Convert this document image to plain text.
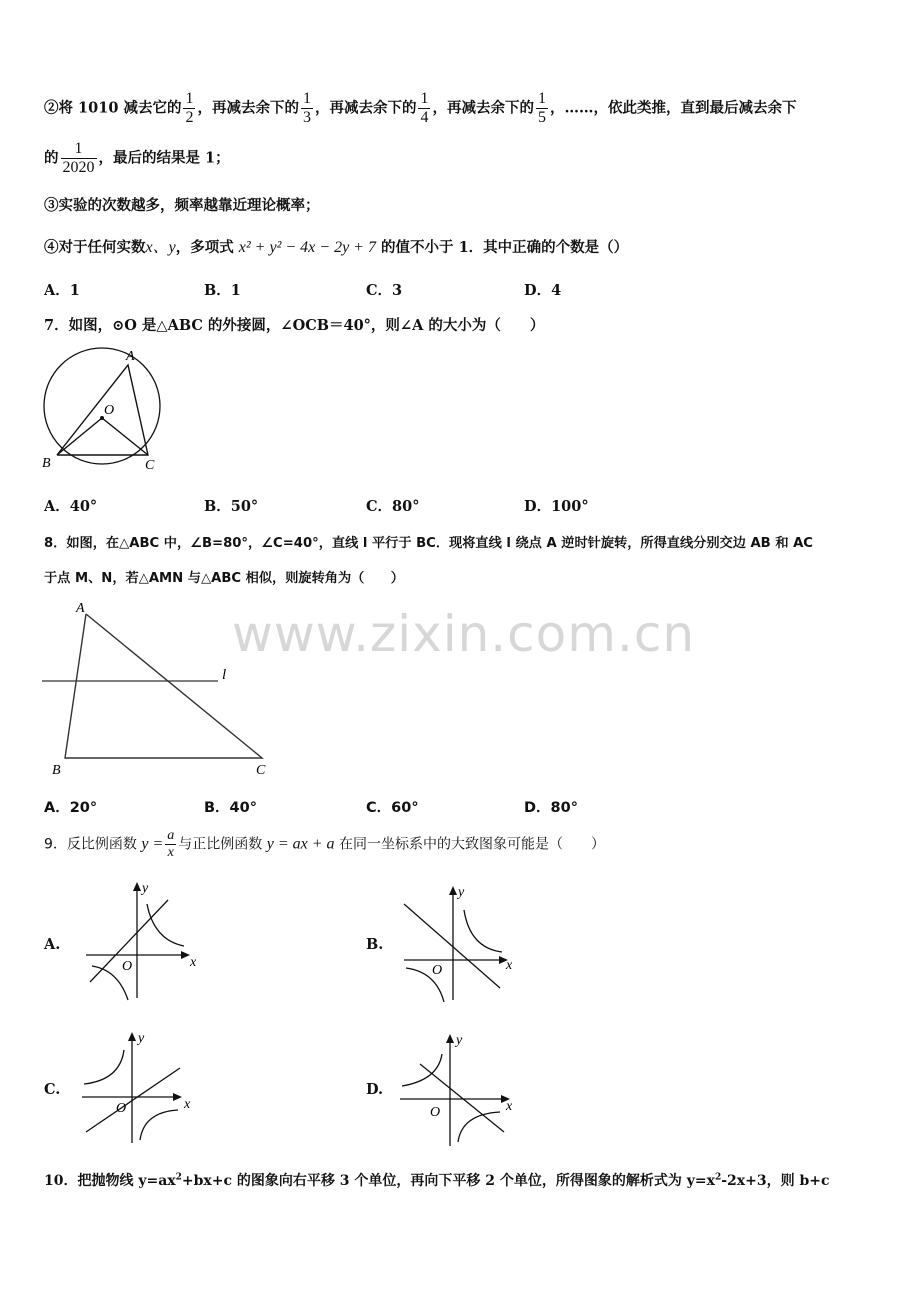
②将 1010 减去它的 $\frac{1}{2}$ ，再减去余下的 $\frac{1}{3}$ ，再减去余下的 $\frac{1}{4}$ ，再减去余下的 $\frac{1}{5}$ ，……，依此类推，直到最后减去余下
的 $\frac{1}{2020}$ ，最后的结果是 1；
③实验的次数越多，频率越靠近理论概率；
④对于任何实数x、y，多项式 x² + y² − 4x − 2y + 7 的值不小于 1．其中正确的个数是（）
A．1	B．1	C．3	D．4
7．如图，⊙O 是△ABC 的外接圆，∠OCB＝40°，则∠A 的大小为（　　）
A
O
B	C
A．40°	B．50°	C．80°	D．100°
8．如图，在△ABC 中，∠B=80°，∠C=40°，直线 l 平行于 BC．现将直线 l 绕点 A 逆时针旋转，所得直线分别交边 AB 和 AC
于点 M、N，若△AMN 与△ABC 相似，则旋转角为（　　）
A
l
B	C
www.zixin.com.cn
A．20°	B．40°	C．60°	D．80°
9．反比例函数 $y = \frac{a}{x}$ 与正比例函数 y = ax + a 在同一坐标系中的大致图象可能是（　　）
A.
x
y
O
B.
x
y
O
C.
x
y
O
D.
x
y
O
10．把抛物线 $y=ax^2+bx+c$ 的图象向右平移 3 个单位，再向下平移 2 个单位，所得图象的解析式为 $y=x^2-2x+3$，则 b+c
